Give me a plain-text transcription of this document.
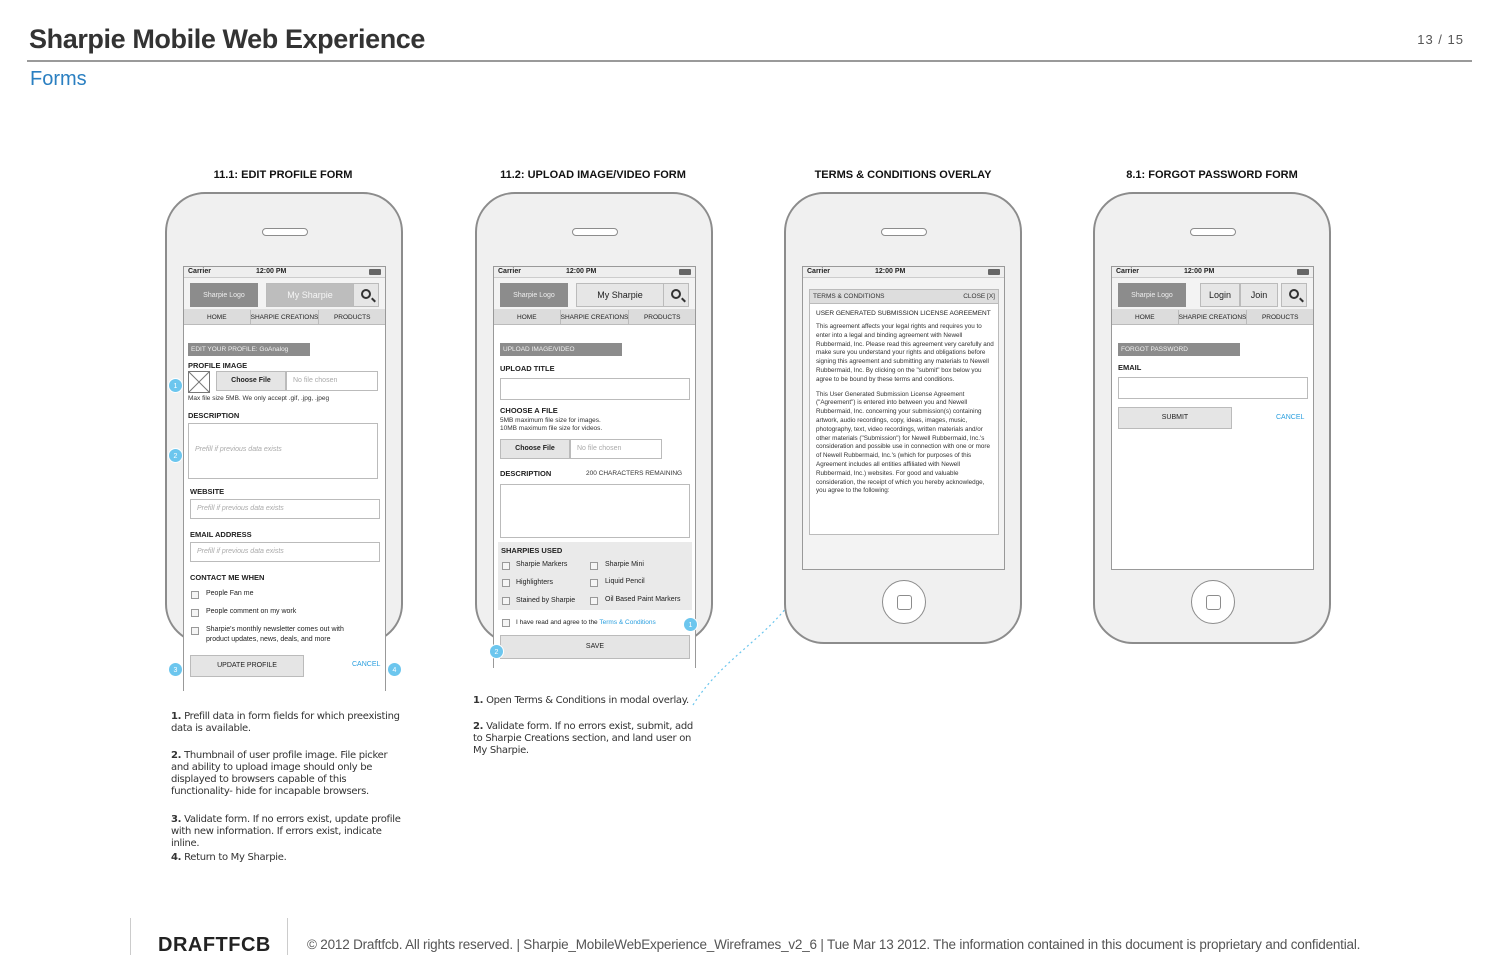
Sharpie Mobile Web Experience	13 / 15
Forms
11.1: EDIT PROFILE FORM	11.2: UPLOAD IMAGE/VIDEO FORM	TERMS & CONDITIONS OVERLAY	8.1: FORGOT PASSWORD FORM
Carrier	12:00 PM
Sharpie Logo	My Sharpie
HOME	SHARPIE CREATIONS	PRODUCTS
EDIT YOUR PROFILE: GoAnalog
PROFILE IMAGE
Choose File	No file chosen
Max file size 5MB. We only accept .gif, .jpg, .jpeg
DESCRIPTION
Prefill if previous data exists
WEBSITE
Prefill if previous data exists
EMAIL ADDRESS
Prefill if previous data exists
CONTACT ME WHEN
People Fan me
People comment on my work
Sharpie's monthly newsletter comes out with
product updates, news, deals, and more
UPDATE PROFILE	CANCEL
1
2
3	4
1. Prefill data in form fields for which preexisting data is available.
2. Thumbnail of user profile image. File picker and ability to upload image should only be displayed to browsers capable of this functionality- hide for incapable browsers.
3. Validate form. If no errors exist, update profile with new information. If errors exist, indicate inline.
4. Return to My Sharpie.
Carrier	12:00 PM
Sharpie Logo	My Sharpie
HOME	SHARPIE CREATIONS	PRODUCTS
UPLOAD IMAGE/VIDEO
UPLOAD TITLE
CHOOSE A FILE
5MB maximum file size for images.
10MB maximum file size for videos.
Choose File	No file chosen
DESCRIPTION	200 CHARACTERS REMAINING
SHARPIES USED
Sharpie Markers	Sharpie Mini
Highlighters	Liquid Pencil
Stained by Sharpie	Oil Based Paint Markers
I have read and agree to the Terms & Conditions
SAVE
1
2
1. Open Terms & Conditions in modal overlay.
2. Validate form. If no errors exist, submit, add to Sharpie Creations section, and land user on My Sharpie.
Carrier	12:00 PM
TERMS & CONDITIONS	CLOSE [X]
USER GENERATED SUBMISSION LICENSE AGREEMENT
This agreement affects your legal rights and requires you to enter into a legal and binding agreement with Newell Rubbermaid, Inc. Please read this agreement very carefully and make sure you understand your rights and obligations before signing this agreement and submitting any materials to Newell Rubbermaid, Inc. By clicking on the "submit" box below you agree to be bound by these terms and conditions.
This User Generated Submission License Agreement ("Agreement") is entered into between you and Newell Rubbermaid, Inc. concerning your submission(s) containing artwork, audio recordings, copy, ideas, images, music, photography, text, video recordings, written materials and/or other materials ("Submission") for Newell Rubbermaid, Inc.'s consideration and possible use in connection with one or more of Newell Rubbermaid, Inc.'s (which for purposes of this Agreement includes all entities affiliated with Newell Rubbermaid, Inc.) websites. For good and valuable consideration, the receipt of which you hereby acknowledge, you agree to the following:
Carrier	12:00 PM
Sharpie Logo	Login	Join
HOME	SHARPIE CREATIONS	PRODUCTS
FORGOT PASSWORD
EMAIL
SUBMIT	CANCEL
DRAFTFCB	© 2012 Draftfcb. All rights reserved. | Sharpie_MobileWebExperience_Wireframes_v2_6 | Tue Mar 13 2012. The information contained in this document is proprietary and confidential.
